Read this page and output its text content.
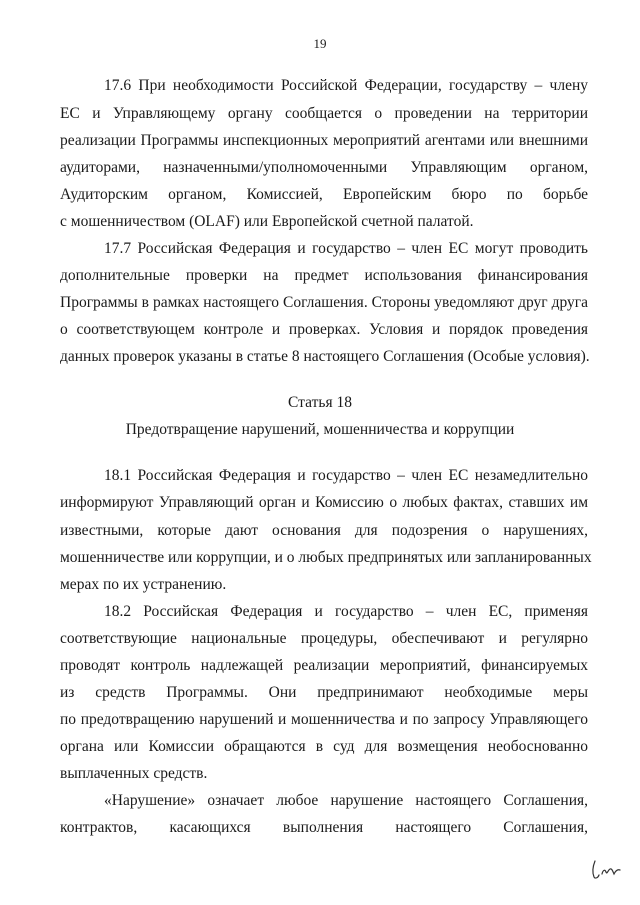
19
17.6 При необходимости Российской Федерации, государству – члену
ЕС и Управляющему органу сообщается о проведении на территории
реализации Программы инспекционных мероприятий агентами или внешними
аудиторами, назначенными/уполномоченными Управляющим органом,
Аудиторским органом, Комиссией, Европейским бюро по борьбе
с мошенничеством (OLAF) или Европейской счетной палатой.
17.7 Российская Федерация и государство – член ЕС могут проводить
дополнительные проверки на предмет использования финансирования
Программы в рамках настоящего Соглашения. Стороны уведомляют друг друга
о соответствующем контроле и проверках. Условия и порядок проведения
данных проверок указаны в статье 8 настоящего Соглашения (Особые условия).
Статья 18
Предотвращение нарушений, мошенничества и коррупции
18.1 Российская Федерация и государство – член ЕС незамедлительно
информируют Управляющий орган и Комиссию о любых фактах, ставших им
известными, которые дают основания для подозрения о нарушениях,
мошенничестве или коррупции, и о любых предпринятых или запланированных
мерах по их устранению.
18.2 Российская Федерация и государство – член ЕС, применяя
соответствующие национальные процедуры, обеспечивают и регулярно
проводят контроль надлежащей реализации мероприятий, финансируемых
из средств Программы. Они предпринимают необходимые меры
по предотвращению нарушений и мошенничества и по запросу Управляющего
органа или Комиссии обращаются в суд для возмещения необоснованно
выплаченных средств.
«Нарушение» означает любое нарушение настоящего Соглашения,
контрактов, касающихся выполнения настоящего Соглашения,
